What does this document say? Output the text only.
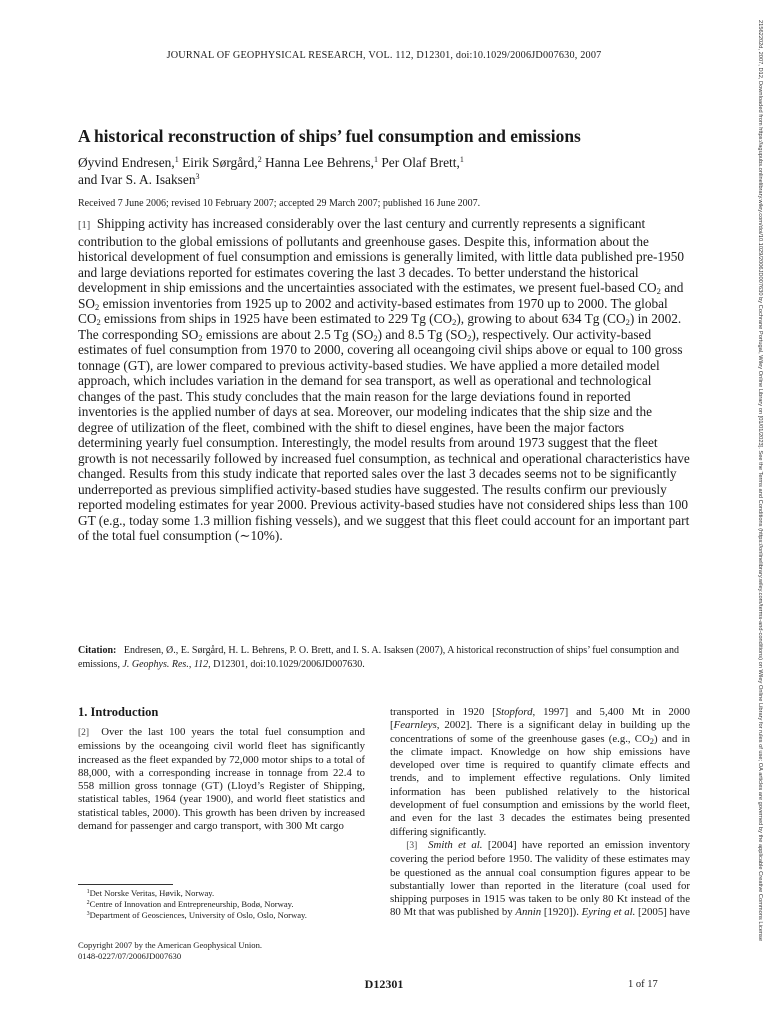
JOURNAL OF GEOPHYSICAL RESEARCH, VOL. 112, D12301, doi:10.1029/2006JD007630, 2007
A historical reconstruction of ships’ fuel consumption and emissions
Øyvind Endresen,$^1$ Eirik Sørgård,$^2$ Hanna Lee Behrens,$^1$ Per Olaf Brett,$^1$
and Ivar S. A. Isaksen$^3$
Received 7 June 2006; revised 10 February 2007; accepted 29 March 2007; published 16 June 2007.
[1] Shipping activity has increased considerably over the last century and currently represents a significant contribution to the global emissions of pollutants and greenhouse gases. Despite this, information about the historical development of fuel consumption and emissions is generally limited, with little data published pre-1950 and large deviations reported for estimates covering the last 3 decades. To better understand the historical development in ship emissions and the uncertainties associated with the estimates, we present fuel-based $CO_2$ and $SO_2$ emission inventories from 1925 up to 2002 and activity-based estimates from 1970 up to 2000. The global $CO_2$ emissions from ships in 1925 have been estimated to 229 Tg $(CO_2)$, growing to about 634 Tg $(CO_2)$ in 2002. The corresponding $SO_2$ emissions are about 2.5 Tg $(SO_2)$ and 8.5 Tg $(SO_2)$, respectively. Our activity-based estimates of fuel consumption from 1970 to 2000, covering all oceangoing civil ships above or equal to 100 gross tonnage (GT), are lower compared to previous activity-based studies. We have applied a more detailed model approach, which includes variation in the demand for sea transport, as well as operational and technological changes of the past. This study concludes that the main reason for the large deviations found in reported inventories is the applied number of days at sea. Moreover, our modeling indicates that the ship size and the degree of utilization of the fleet, combined with the shift to diesel engines, have been the major factors determining yearly fuel consumption. Interestingly, the model results from around 1973 suggest that the fleet growth is not necessarily followed by increased fuel consumption, as technical and operational characteristics have changed. Results from this study indicate that reported sales over the last 3 decades seems not to be significantly underreported as previous simplified activity-based studies have suggested. The results confirm our previously reported modeling estimates for year 2000. Previous activity-based studies have not considered ships less than 100 GT (e.g., today some 1.3 million fishing vessels), and we suggest that this fleet could account for an important part of the total fuel consumption (∼10%).
Citation: Endresen, Ø., E. Sørgård, H. L. Behrens, P. O. Brett, and I. S. A. Isaksen (2007), A historical reconstruction of ships’ fuel consumption and emissions, J. Geophys. Res., 112, D12301, doi:10.1029/2006JD007630.
1. Introduction
[2] Over the last 100 years the total fuel consumption and emissions by the oceangoing civil world fleet has significantly increased as the fleet expanded by 72,000 motor ships to a total of 88,000, with a corresponding increase in tonnage from 22.4 to 558 million gross tonnage (GT) (Lloyd’s Register of Shipping, statistical tables, 1964 (year 1900), and world fleet statistics and statistical tables, 2000). This growth has been driven by increased demand for passenger and cargo transport, with 300 Mt cargo
transported in 1920 [Stopford, 1997] and 5,400 Mt in 2000 [Fearnleys, 2002]. There is a significant delay in building up the concentrations of some of the greenhouse gases (e.g., $CO_2$) and in the climate impact. Knowledge on how ship emissions have developed over time is required to quantify climate effects and trends, and to implement effective regulations. Only limited information has been published relatively to the historical development of fuel consumption and emissions by the world fleet, and even for the last 3 decades the estimates being presented differing significantly.
[3] Smith et al. [2004] have reported an emission inventory covering the period before 1950. The validity of these estimates may be questioned as the annual coal consumption figures appear to be substantially lower than reported in the literature (coal used for shipping purposes in 1915 was taken to be only 80 Kt instead of the 80 Mt that was published by Annin [1920]). Eyring et al. [2005] have
$^1$Det Norske Veritas, Høvik, Norway.
$^2$Centre of Innovation and Entrepreneurship, Bodø, Norway.
$^3$Department of Geosciences, University of Oslo, Oslo, Norway.
Copyright 2007 by the American Geophysical Union.
0148-0227/07/2006JD007630
D12301	1 of 17
21562202d, 2007, D12, Downloaded from https://agupubs.onlinelibrary.wiley.com/doi/10.1029/2006JD007630 by Cochrane Portugal, Wiley Online Library on [01/01/2023]. See the Terms and Conditions (https://onlinelibrary.wiley.com/terms-and-conditions) on Wiley Online Library for rules of use; OA articles are governed by the applicable Creative Commons License
